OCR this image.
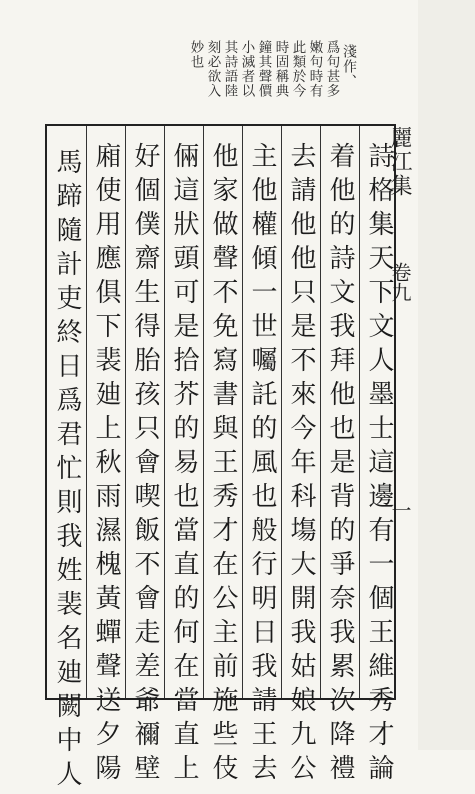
詩格集天下文人墨士這邊有一個王維秀才論
着他的詩文我拜他也是背的爭奈我累次降禮
去請他他只是不來今年科塲大開我姑娘九公
主他權傾一世囑託的風也般行明日我請王去
他家做聲不免寫書與王秀才在公主前施些伎
倆這狀頭可是拾芥的易也當直的何在當直上
好個僕齋生得胎孩只會喫飯不會走差爺禰壁
廂使用應俱下裴廸上秋雨濕槐黃蟬聲送夕陽
馬蹄隨計吏終日爲君忙則我姓裴名廸闕中人	麗江集
卷九
一
淺作、
爲句甚多
嫩句時有
此類於今
時固稱典
鐘其聲價
小滅者以
其詩語陸
刻必欲入
妙也
